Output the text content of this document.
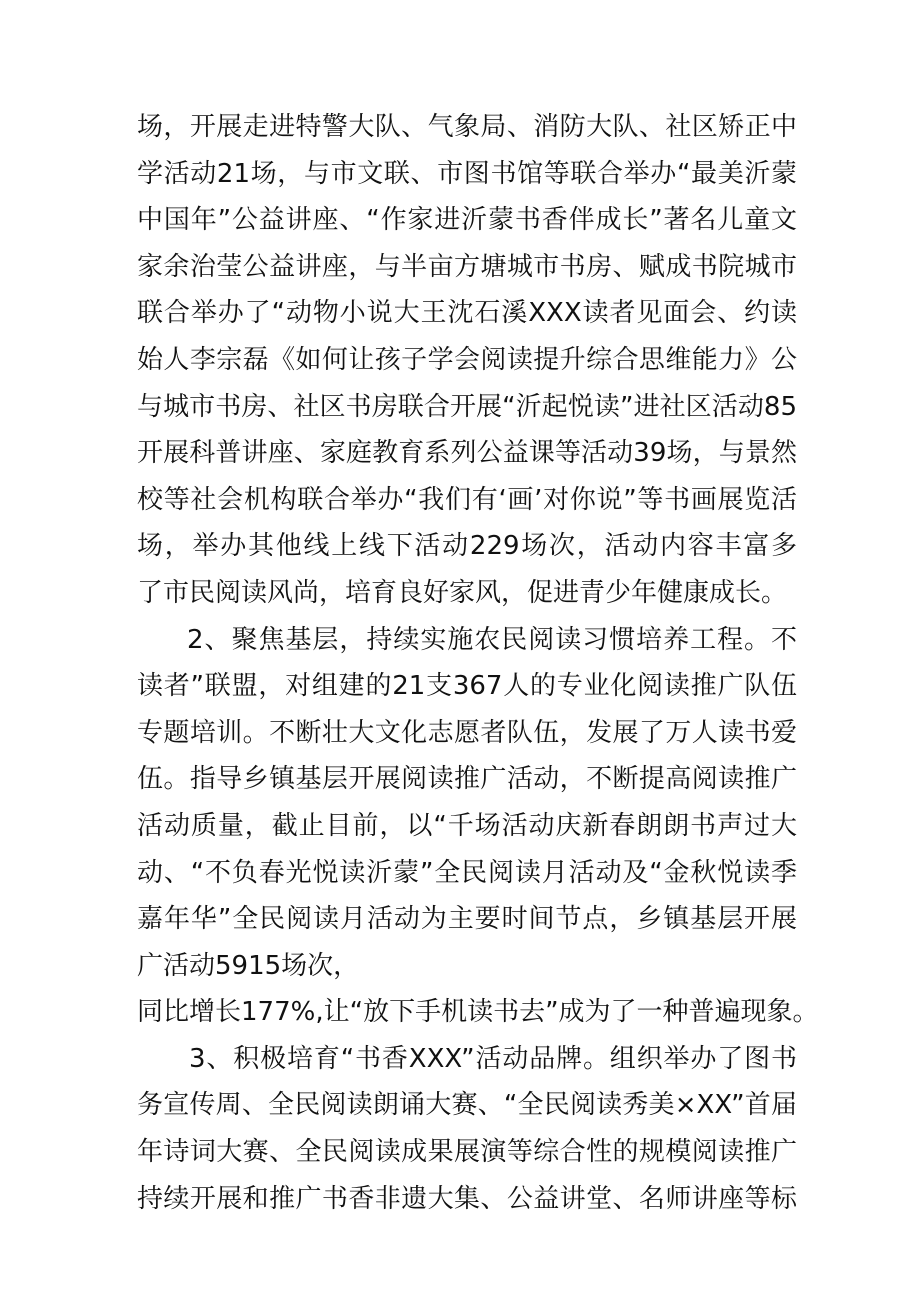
场，开展走进特警大队、气象局、消防大队、社区矫正中
学活动21场，与市文联、市图书馆等联合举办“最美沂蒙
中国年”公益讲座、“作家进沂蒙书香伴成长”著名儿童文
家余治莹公益讲座，与半亩方塘城市书房、赋成书院城市
联合举办了“动物小说大王沈石溪XXX读者见面会、约读
始人李宗磊《如何让孩子学会阅读提升综合思维能力》公
与城市书房、社区书房联合开展“沂起悦读”进社区活动85
开展科普讲座、家庭教育系列公益课等活动39场，与景然
校等社会机构联合举办“我们有‘画’对你说”等书画展览活
场，举办其他线上线下活动229场次，活动内容丰富多
了市民阅读风尚，培育良好家风，促进青少年健康成长。
2、聚焦基层，持续实施农民阅读习惯培养工程。不
读者”联盟，对组建的21支367人的专业化阅读推广队伍
专题培训。不断壮大文化志愿者队伍，发展了万人读书爱
伍。指导乡镇基层开展阅读推广活动，不断提高阅读推广
活动质量，截止目前，以“千场活动庆新春朗朗书声过大
动、“不负春光悦读沂蒙”全民阅读月活动及“金秋悦读季
嘉年华”全民阅读月活动为主要时间节点，乡镇基层开展
广活动5915场次，
同比增长177%,让“放下手机读书去”成为了一种普遍现象。
3、积极培育“书香XXX”活动品牌。组织举办了图书
务宣传周、全民阅读朗诵大赛、“全民阅读秀美×XX”首届
年诗词大赛、全民阅读成果展演等综合性的规模阅读推广
持续开展和推广书香非遗大集、公益讲堂、名师讲座等标
